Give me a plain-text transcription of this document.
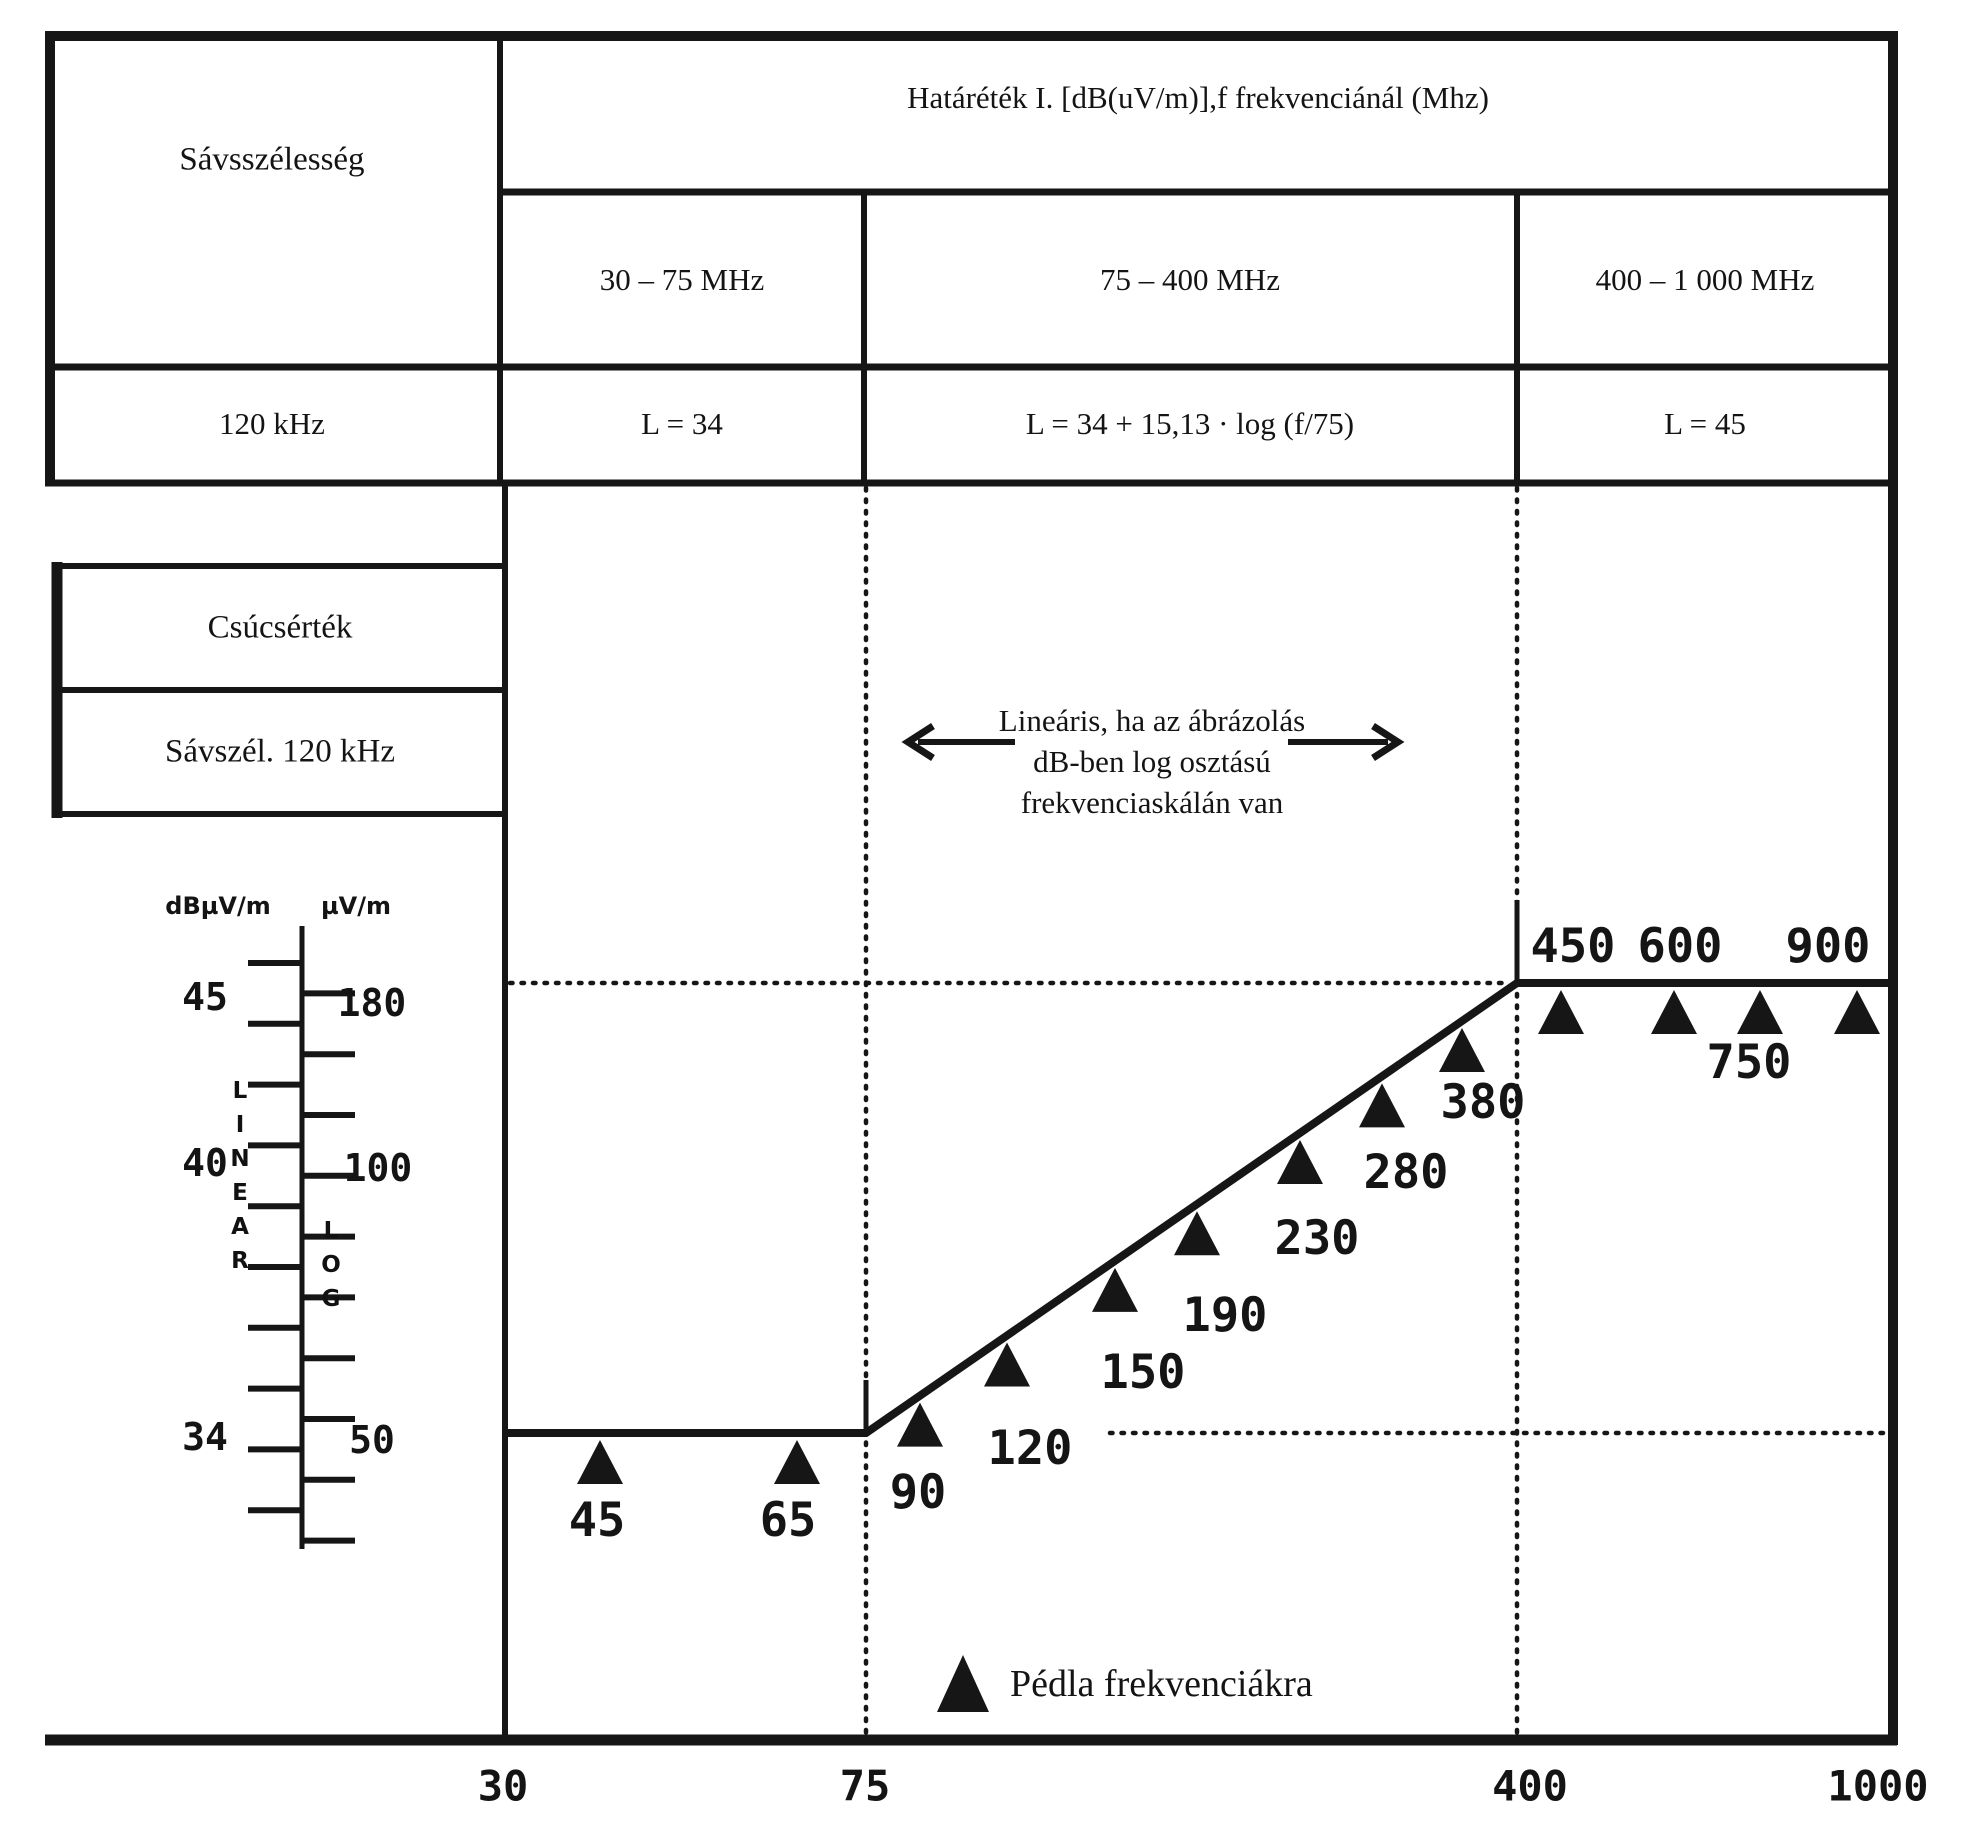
45	65
90
120
150
190
230
280
380
450 600
750
900
Sávsszélesség
Határéték I. [dB(uV/m)],f frekvenciánál (Mhz)
30 – 75 MHz	75 – 400 MHz	400 – 1 000 MHz
120 kHz	L = 34	L = 34 + 15,13 · log (f/75)	L = 45
Csúcsérték
Sávszél. 120 kHz
Lineáris, ha az ábrázolás
dB-ben log osztású
frekvenciaskálán van
dBµV/m µV/m
45	180
40	100
34	50
LINEAR	LOG
30	75	400	1000
Pédla frekvenciákra
